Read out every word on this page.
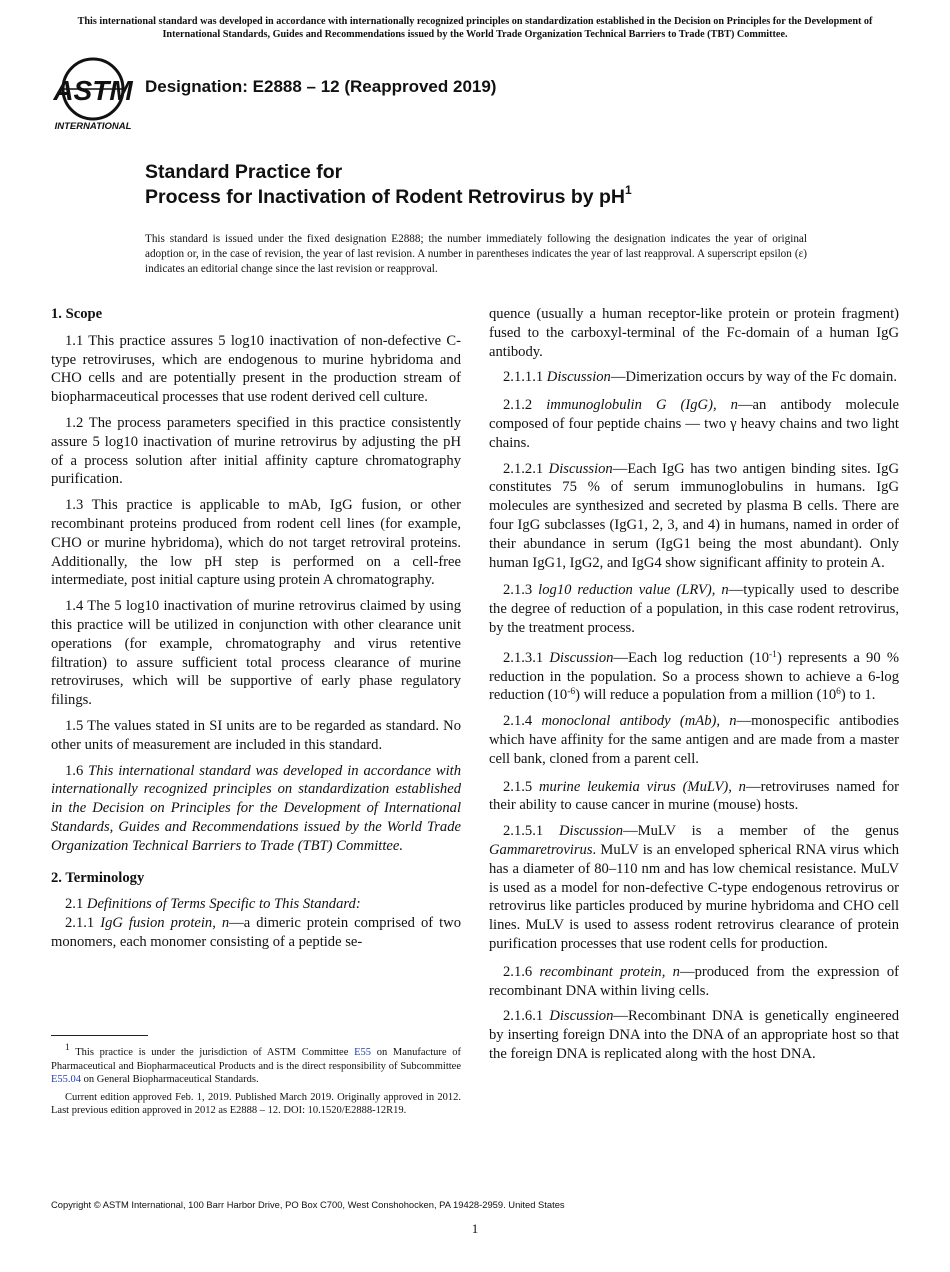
This international standard was developed in accordance with internationally recognized principles on standardization established in the Decision on Principles for the Development of International Standards, Guides and Recommendations issued by the World Trade Organization Technical Barriers to Trade (TBT) Committee.
ASTM
INTERNATIONAL
Designation: E2888 – 12 (Reapproved 2019)
Standard Practice for
Process for Inactivation of Rodent Retrovirus by $pH^1$
This standard is issued under the fixed designation E2888; the number immediately following the designation indicates the year of original adoption or, in the case of revision, the year of last revision. A number in parentheses indicates the year of last reapproval. A superscript epsilon (ε) indicates an editorial change since the last revision or reapproval.
1. Scope

1.1 This practice assures 5 log10 inactivation of non-defective C-type retroviruses, which are endogenous to murine hybridoma and CHO cells and are potentially present in the production stream of biopharmaceutical processes that use rodent derived cell culture.

1.2 The process parameters specified in this practice consistently assure 5 log10 inactivation of murine retrovirus by adjusting the pH of a process solution after initial affinity capture chromatography purification.

1.3 This practice is applicable to mAb, IgG fusion, or other recombinant proteins produced from rodent cell lines (for example, CHO or murine hybridoma), which do not target retroviral proteins. Additionally, the low pH step is performed on a cell-free intermediate, post initial capture using protein A chromatography.

1.4 The 5 log10 inactivation of murine retrovirus claimed by using this practice will be utilized in conjunction with other clearance unit operations (for example, chromatography and virus retentive filtration) to assure sufficient total process clearance of murine retroviruses, which will be supportive of early phase regulatory filings.

1.5 The values stated in SI units are to be regarded as standard. No other units of measurement are included in this standard.

1.6 This international standard was developed in accordance with internationally recognized principles on standardization established in the Decision on Principles for the Development of International Standards, Guides and Recommendations issued by the World Trade Organization Technical Barriers to Trade (TBT) Committee.

2. Terminology

2.1 Definitions of Terms Specific to This Standard:

2.1.1 IgG fusion protein, n—a dimeric protein comprised of two monomers, each monomer consisting of a peptide se-

quence (usually a human receptor-like protein or protein fragment) fused to the carboxyl-terminal of the Fc-domain of a human IgG antibody.

2.1.1.1 Discussion—Dimerization occurs by way of the Fc domain.

2.1.2 immunoglobulin G (IgG), n—an antibody molecule composed of four peptide chains — two γ heavy chains and two light chains.

2.1.2.1 Discussion—Each IgG has two antigen binding sites. IgG constitutes 75 % of serum immunoglobulins in humans. IgG molecules are synthesized and secreted by plasma B cells. There are four IgG subclasses (IgG1, 2, 3, and 4) in humans, named in order of their abundance in serum (IgG1 being the most abundant). Only human IgG1, IgG2, and IgG4 show significant affinity to protein A.

2.1.3 log10 reduction value (LRV), n—typically used to describe the degree of reduction of a population, in this case rodent retrovirus, by the treatment process.

2.1.3.1 Discussion—Each log reduction $(10^{-1})$ represents a 90 % reduction in the population. So a process shown to achieve a 6-log reduction $(10^{-6})$ will reduce a population from a million $(10^6)$ to 1.

2.1.4 monoclonal antibody (mAb), n—monospecific antibodies which have affinity for the same antigen and are made from a master cell bank, cloned from a parent cell.

2.1.5 murine leukemia virus (MuLV), n—retroviruses named for their ability to cause cancer in murine (mouse) hosts.

2.1.5.1 Discussion—MuLV is a member of the genus Gammaretrovirus. MuLV is an enveloped spherical RNA virus which has a diameter of 80–110 nm and has low chemical resistance. MuLV is used as a model for non-defective C-type endogenous retrovirus or retrovirus like particles produced by murine hybridoma and CHO cell lines. MuLV is used to assess rodent retrovirus clearance of protein purification processes that use rodent cells for production.

2.1.6 recombinant protein, n—produced from the expression of recombinant DNA within living cells.

2.1.6.1 Discussion—Recombinant DNA is genetically engineered by inserting foreign DNA into the DNA of an appropriate host so that the foreign DNA is replicated along with the host DNA.

$^1$ This practice is under the jurisdiction of ASTM Committee E55 on Manufacture of Pharmaceutical and Biopharmaceutical Products and is the direct responsibility of Subcommittee E55.04 on General Biopharmaceutical Standards.

Current edition approved Feb. 1, 2019. Published March 2019. Originally approved in 2012. Last previous edition approved in 2012 as E2888 – 12. DOI: 10.1520/E2888-12R19.

Copyright © ASTM International, 100 Barr Harbor Drive, PO Box C700, West Conshohocken, PA 19428-2959. United States
1
